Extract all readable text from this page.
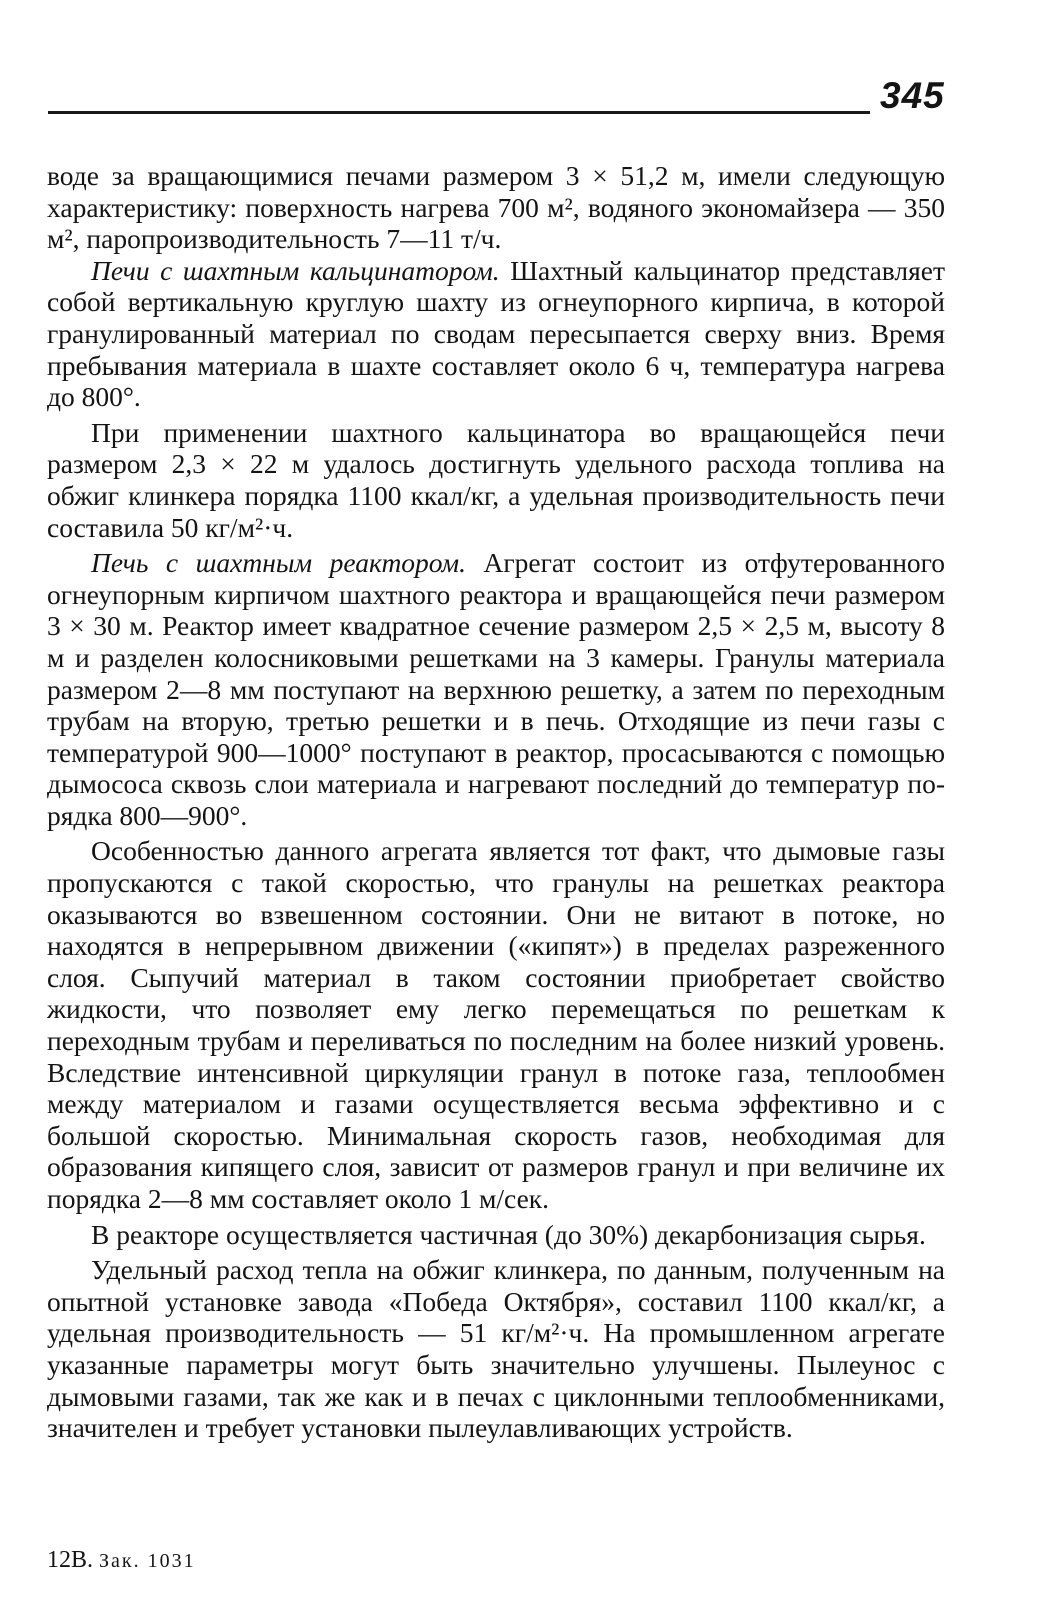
345

воде за вращающимися печами размером 3 × 51,2 м, имели следующую характеристику: поверхность нагрева 700 м², водяного экономайзера — 350 м², паропроизводительность 7—11 т/ч.

Печи с шахтным кальцинатором. Шахтный кальцинатор представляет собой вертикальную круглую шахту из огнеупорного кирпича, в которой гранулированный материал по сводам пересыпается сверху вниз. Время пребывания материала в шахте составляет около 6 ч, температура нагрева до 800°.

При применении шахтного кальцинатора во вращающейся печи размером 2,3 × 22 м удалось достигнуть удельного расхода топлива на обжиг клинкера порядка 1100 ккал/кг, а удельная производительность печи составила 50 кг/м²·ч.

Печь с шахтным реактором. Агрегат состоит из отфутерованного огнеупорным кирпичом шахтного реактора и вращающейся печи размером 3 × 30 м. Реактор имеет квадратное сечение размером 2,5 × 2,5 м, высоту 8 м и разделен колосниковыми решетками на 3 камеры. Гранулы материала размером 2—8 мм поступают на верхнюю решетку, а затем по переходным трубам на вторую, третью решетки и в печь. Отходящие из печи газы с температурой 900—1000° поступают в реактор, просасываются с помощью дымососа сквозь слои материала и нагревают последний до температур порядка 800—900°.

Особенностью данного агрегата является тот факт, что дымовые газы пропускаются с такой скоростью, что гранулы на решетках реактора оказываются во взвешенном состоянии. Они не витают в потоке, но находятся в непрерывном движении («кипят») в пределах разреженного слоя. Сыпучий материал в таком состоянии приобретает свойство жидкости, что позволяет ему легко перемещаться по решеткам к переходным трубам и переливаться по последним на более низкий уровень. Вследствие интенсивной циркуляции гранул в потоке газа, теплообмен между материалом и газами осуществляется весьма эффективно и с большой скоростью. Минимальная скорость газов, необходимая для образования кипящего слоя, зависит от размеров гранул и при величине их порядка 2—8 мм составляет около 1 м/сек.

В реакторе осуществляется частичная (до 30%) декарбонизация сырья.

Удельный расход тепла на обжиг клинкера, по данным, полученным на опытной установке завода «Победа Октября», составил 1100 ккал/кг, а удельная производительность — 51 кг/м²·ч. На промышленном агрегате указанные параметры могут быть значительно улучшены. Пылеунос с дымовыми газами, так же как и в печах с циклонными теплообменниками, значителен и требует установки пылеулавливающих устройств.

12В. Зак. 1031
